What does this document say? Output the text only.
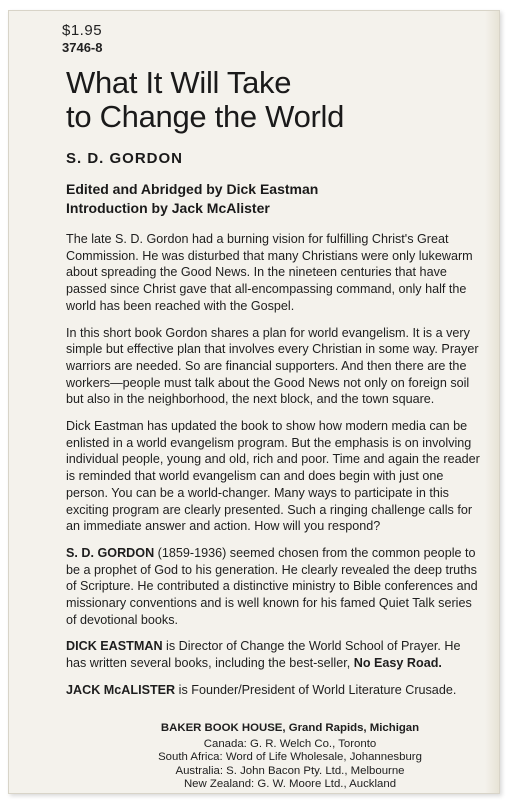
$1.95
3746-8
What It Will Take
to Change the World
S. D. GORDON
Edited and Abridged by Dick Eastman
Introduction by Jack McAlister

The late S. D. Gordon had a burning vision for fulfilling Christ's Great Commission. He was disturbed that many Christians were only lukewarm about spreading the Good News. In the nineteen centuries that have passed since Christ gave that all-encompassing command, only half the world has been reached with the Gospel.

In this short book Gordon shares a plan for world evangelism. It is a very simple but effective plan that involves every Christian in some way. Prayer warriors are needed. So are financial supporters. And then there are the workers—people must talk about the Good News not only on foreign soil but also in the neighborhood, the next block, and the town square.

Dick Eastman has updated the book to show how modern media can be enlisted in a world evangelism program. But the emphasis is on involving individual people, young and old, rich and poor. Time and again the reader is reminded that world evangelism can and does begin with just one person. You can be a world-changer. Many ways to participate in this exciting program are clearly presented. Such a ringing challenge calls for an immediate answer and action. How will you respond?

S. D. GORDON (1859-1936) seemed chosen from the common people to be a prophet of God to his generation. He clearly revealed the deep truths of Scripture. He contributed a distinctive ministry to Bible conferences and missionary conventions and is well known for his famed Quiet Talk series of devotional books.

DICK EASTMAN is Director of Change the World School of Prayer. He has written several books, including the best-seller, No Easy Road.

JACK McALISTER is Founder/President of World Literature Crusade.

BAKER BOOK HOUSE, Grand Rapids, Michigan
Canada: G. R. Welch Co., Toronto
South Africa: Word of Life Wholesale, Johannesburg
Australia: S. John Bacon Pty. Ltd., Melbourne
New Zealand: G. W. Moore Ltd., Auckland
